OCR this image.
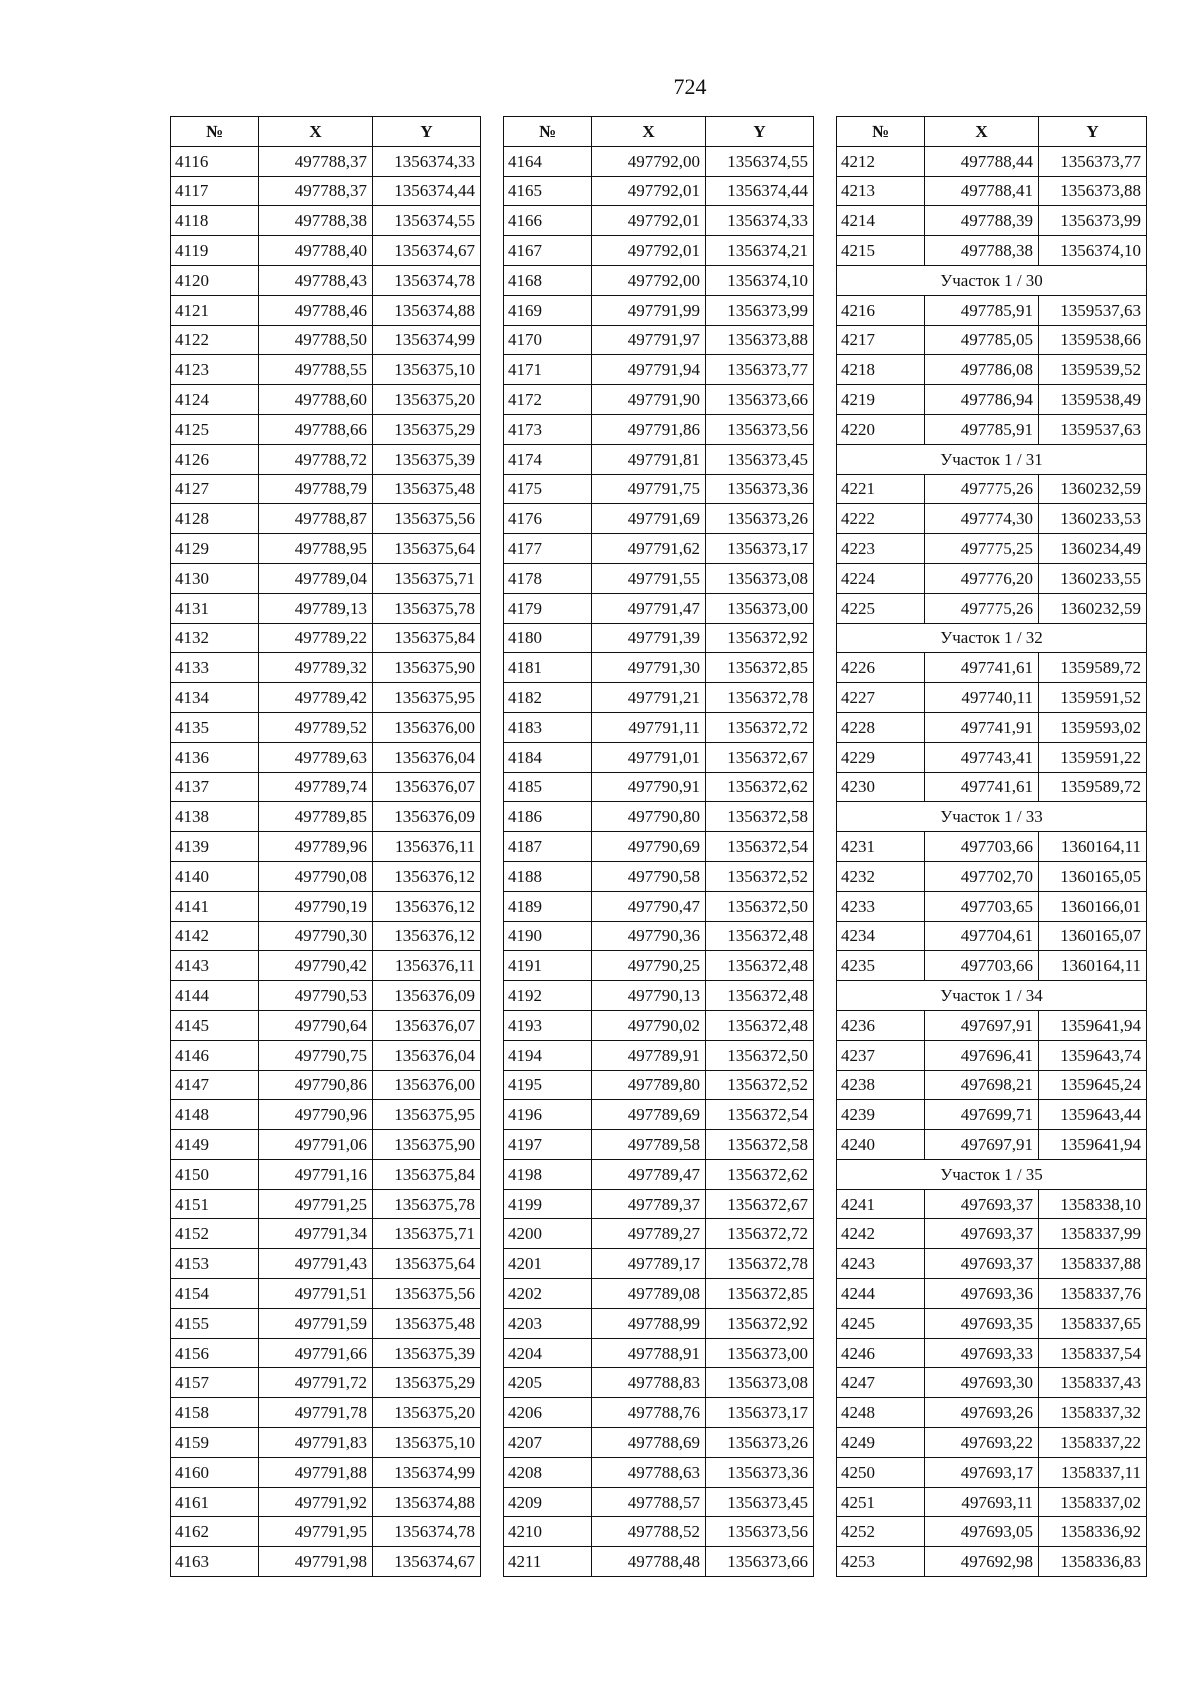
724
№	X	Y
4116	497788,37	1356374,33
4117	497788,37	1356374,44
4118	497788,38	1356374,55
4119	497788,40	1356374,67
4120	497788,43	1356374,78
4121	497788,46	1356374,88
4122	497788,50	1356374,99
4123	497788,55	1356375,10
4124	497788,60	1356375,20
4125	497788,66	1356375,29
4126	497788,72	1356375,39
4127	497788,79	1356375,48
4128	497788,87	1356375,56
4129	497788,95	1356375,64
4130	497789,04	1356375,71
4131	497789,13	1356375,78
4132	497789,22	1356375,84
4133	497789,32	1356375,90
4134	497789,42	1356375,95
4135	497789,52	1356376,00
4136	497789,63	1356376,04
4137	497789,74	1356376,07
4138	497789,85	1356376,09
4139	497789,96	1356376,11
4140	497790,08	1356376,12
4141	497790,19	1356376,12
4142	497790,30	1356376,12
4143	497790,42	1356376,11
4144	497790,53	1356376,09
4145	497790,64	1356376,07
4146	497790,75	1356376,04
4147	497790,86	1356376,00
4148	497790,96	1356375,95
4149	497791,06	1356375,90
4150	497791,16	1356375,84
4151	497791,25	1356375,78
4152	497791,34	1356375,71
4153	497791,43	1356375,64
4154	497791,51	1356375,56
4155	497791,59	1356375,48
4156	497791,66	1356375,39
4157	497791,72	1356375,29
4158	497791,78	1356375,20
4159	497791,83	1356375,10
4160	497791,88	1356374,99
4161	497791,92	1356374,88
4162	497791,95	1356374,78
4163	497791,98	1356374,67
№	X	Y
4164	497792,00	1356374,55
4165	497792,01	1356374,44
4166	497792,01	1356374,33
4167	497792,01	1356374,21
4168	497792,00	1356374,10
4169	497791,99	1356373,99
4170	497791,97	1356373,88
4171	497791,94	1356373,77
4172	497791,90	1356373,66
4173	497791,86	1356373,56
4174	497791,81	1356373,45
4175	497791,75	1356373,36
4176	497791,69	1356373,26
4177	497791,62	1356373,17
4178	497791,55	1356373,08
4179	497791,47	1356373,00
4180	497791,39	1356372,92
4181	497791,30	1356372,85
4182	497791,21	1356372,78
4183	497791,11	1356372,72
4184	497791,01	1356372,67
4185	497790,91	1356372,62
4186	497790,80	1356372,58
4187	497790,69	1356372,54
4188	497790,58	1356372,52
4189	497790,47	1356372,50
4190	497790,36	1356372,48
4191	497790,25	1356372,48
4192	497790,13	1356372,48
4193	497790,02	1356372,48
4194	497789,91	1356372,50
4195	497789,80	1356372,52
4196	497789,69	1356372,54
4197	497789,58	1356372,58
4198	497789,47	1356372,62
4199	497789,37	1356372,67
4200	497789,27	1356372,72
4201	497789,17	1356372,78
4202	497789,08	1356372,85
4203	497788,99	1356372,92
4204	497788,91	1356373,00
4205	497788,83	1356373,08
4206	497788,76	1356373,17
4207	497788,69	1356373,26
4208	497788,63	1356373,36
4209	497788,57	1356373,45
4210	497788,52	1356373,56
4211	497788,48	1356373,66
№	X	Y
4212	497788,44	1356373,77
4213	497788,41	1356373,88
4214	497788,39	1356373,99
4215	497788,38	1356374,10
Участок 1 / 30		
4216	497785,91	1359537,63
4217	497785,05	1359538,66
4218	497786,08	1359539,52
4219	497786,94	1359538,49
4220	497785,91	1359537,63
Участок 1 / 31		
4221	497775,26	1360232,59
4222	497774,30	1360233,53
4223	497775,25	1360234,49
4224	497776,20	1360233,55
4225	497775,26	1360232,59
Участок 1 / 32		
4226	497741,61	1359589,72
4227	497740,11	1359591,52
4228	497741,91	1359593,02
4229	497743,41	1359591,22
4230	497741,61	1359589,72
Участок 1 / 33		
4231	497703,66	1360164,11
4232	497702,70	1360165,05
4233	497703,65	1360166,01
4234	497704,61	1360165,07
4235	497703,66	1360164,11
Участок 1 / 34		
4236	497697,91	1359641,94
4237	497696,41	1359643,74
4238	497698,21	1359645,24
4239	497699,71	1359643,44
4240	497697,91	1359641,94
Участок 1 / 35		
4241	497693,37	1358338,10
4242	497693,37	1358337,99
4243	497693,37	1358337,88
4244	497693,36	1358337,76
4245	497693,35	1358337,65
4246	497693,33	1358337,54
4247	497693,30	1358337,43
4248	497693,26	1358337,32
4249	497693,22	1358337,22
4250	497693,17	1358337,11
4251	497693,11	1358337,02
4252	497693,05	1358336,92
4253	497692,98	1358336,83
